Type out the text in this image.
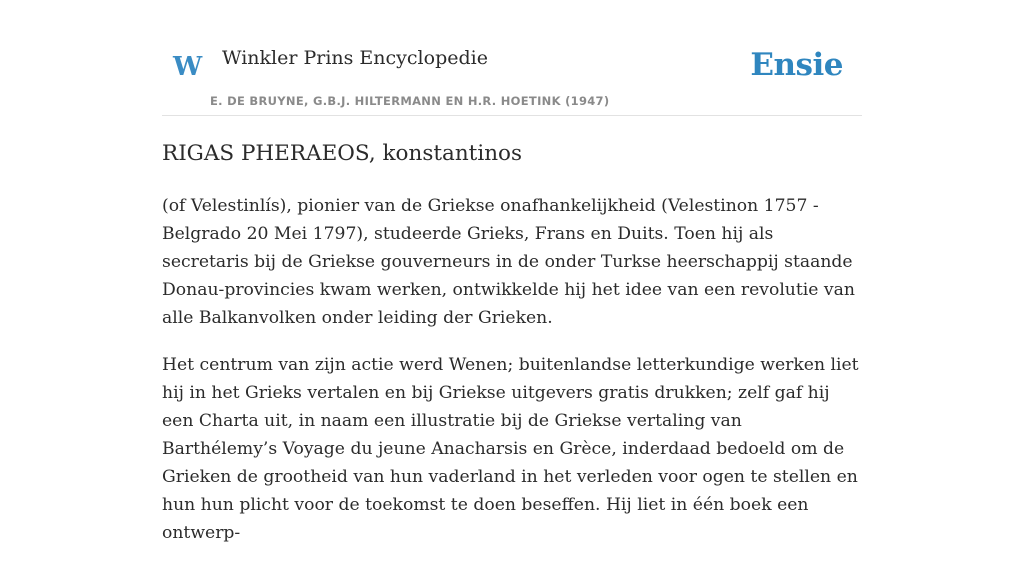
W Winkler Prins Encyclopedie
E. DE BRUYNE, G.B.J. HILTERMANN EN H.R. HOETINK (1947)
Ensie
RIGAS PHERAEOS, konstantinos

(of Velestinlís), pionier van de Griekse onafhankelijkheid (Velestinon 1757 - Belgrado 20 Mei 1797), studeerde Grieks, Frans en Duits. Toen hij als secretaris bij de Griekse gouverneurs in de onder Turkse heerschappij staande Donau-provincies kwam werken, ontwikkelde hij het idee van een revolutie van alle Balkanvolken onder leiding der Grieken.

Het centrum van zijn actie werd Wenen; buitenlandse letterkundige werken liet hij in het Grieks vertalen en bij Griekse uitgevers gratis drukken; zelf gaf hij een Charta uit, in naam een illustratie bij de Griekse vertaling van Barthélemy’s Voyage du jeune Anacharsis en Grèce, inderdaad bedoeld om de Grieken de grootheid van hun vaderland in het verleden voor ogen te stellen en hun hun plicht voor de toekomst te doen beseffen. Hij liet in één boek een ontwerp-
